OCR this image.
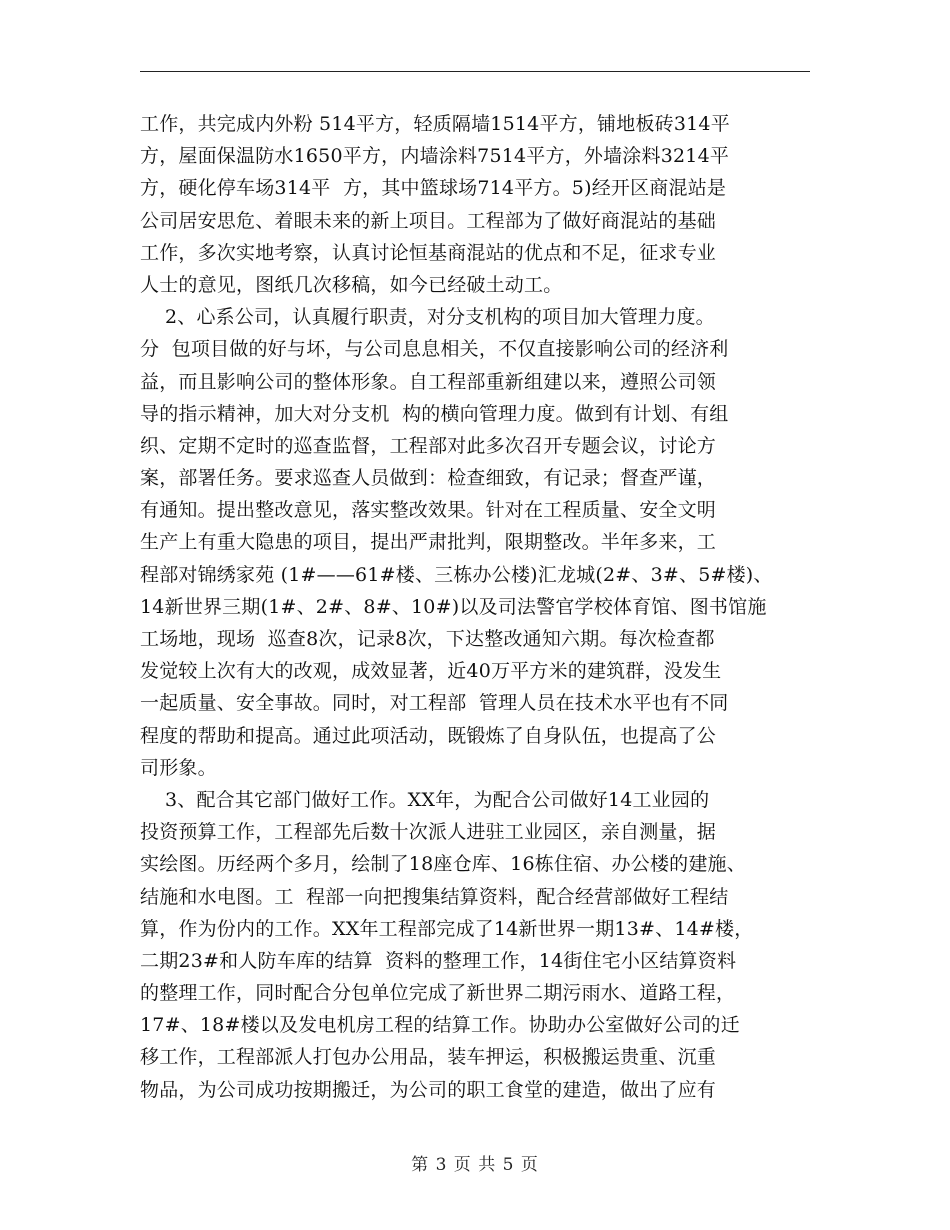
工作，共完成内外粉 514平方，轻质隔墙1514平方，铺地板砖314平
方，屋面保温防水1650平方，内墙涂料7514平方，外墙涂料3214平
方，硬化停车场314平  方，其中篮球场714平方。5)经开区商混站是
公司居安思危、着眼未来的新上项目。工程部为了做好商混站的基础
工作，多次实地考察，认真讨论恒基商混站的优点和不足，征求专业
人士的意见，图纸几次移稿，如今已经破土动工。
2、心系公司，认真履行职责，对分支机构的项目加大管理力度。
分  包项目做的好与坏，与公司息息相关，不仅直接影响公司的经济利
益，而且影响公司的整体形象。自工程部重新组建以来，遵照公司领
导的指示精神，加大对分支机  构的横向管理力度。做到有计划、有组
织、定期不定时的巡查监督，工程部对此多次召开专题会议，讨论方
案，部署任务。要求巡查人员做到：检查细致，有记录；督查严谨，
有通知。提出整改意见，落实整改效果。针对在工程质量、安全文明
生产上有重大隐患的项目，提出严肃批判，限期整改。半年多来，工
程部对锦绣家苑 (1#——61#楼、三栋办公楼)汇龙城(2#、3#、5#楼)、
14新世界三期(1#、2#、8#、10#)以及司法警官学校体育馆、图书馆施
工场地，现场  巡查8次，记录8次，下达整改通知六期。每次检查都
发觉较上次有大的改观，成效显著，近40万平方米的建筑群，没发生
一起质量、安全事故。同时，对工程部  管理人员在技术水平也有不同
程度的帮助和提高。通过此项活动，既锻炼了自身队伍，也提高了公
司形象。
3、配合其它部门做好工作。XX年，为配合公司做好14工业园的
投资预算工作，工程部先后数十次派人进驻工业园区，亲自测量，据
实绘图。历经两个多月，绘制了18座仓库、16栋住宿、办公楼的建施、
结施和水电图。工  程部一向把搜集结算资料，配合经营部做好工程结
算，作为份内的工作。XX年工程部完成了14新世界一期13#、14#楼，
二期23#和人防车库的结算  资料的整理工作，14街住宅小区结算资料
的整理工作，同时配合分包单位完成了新世界二期污雨水、道路工程，
17#、18#楼以及发电机房工程的结算工作。协助办公室做好公司的迁
移工作，工程部派人打包办公用品，装车押运，积极搬运贵重、沉重
物品，为公司成功按期搬迁，为公司的职工食堂的建造，做出了应有
第 3 页 共 5 页
